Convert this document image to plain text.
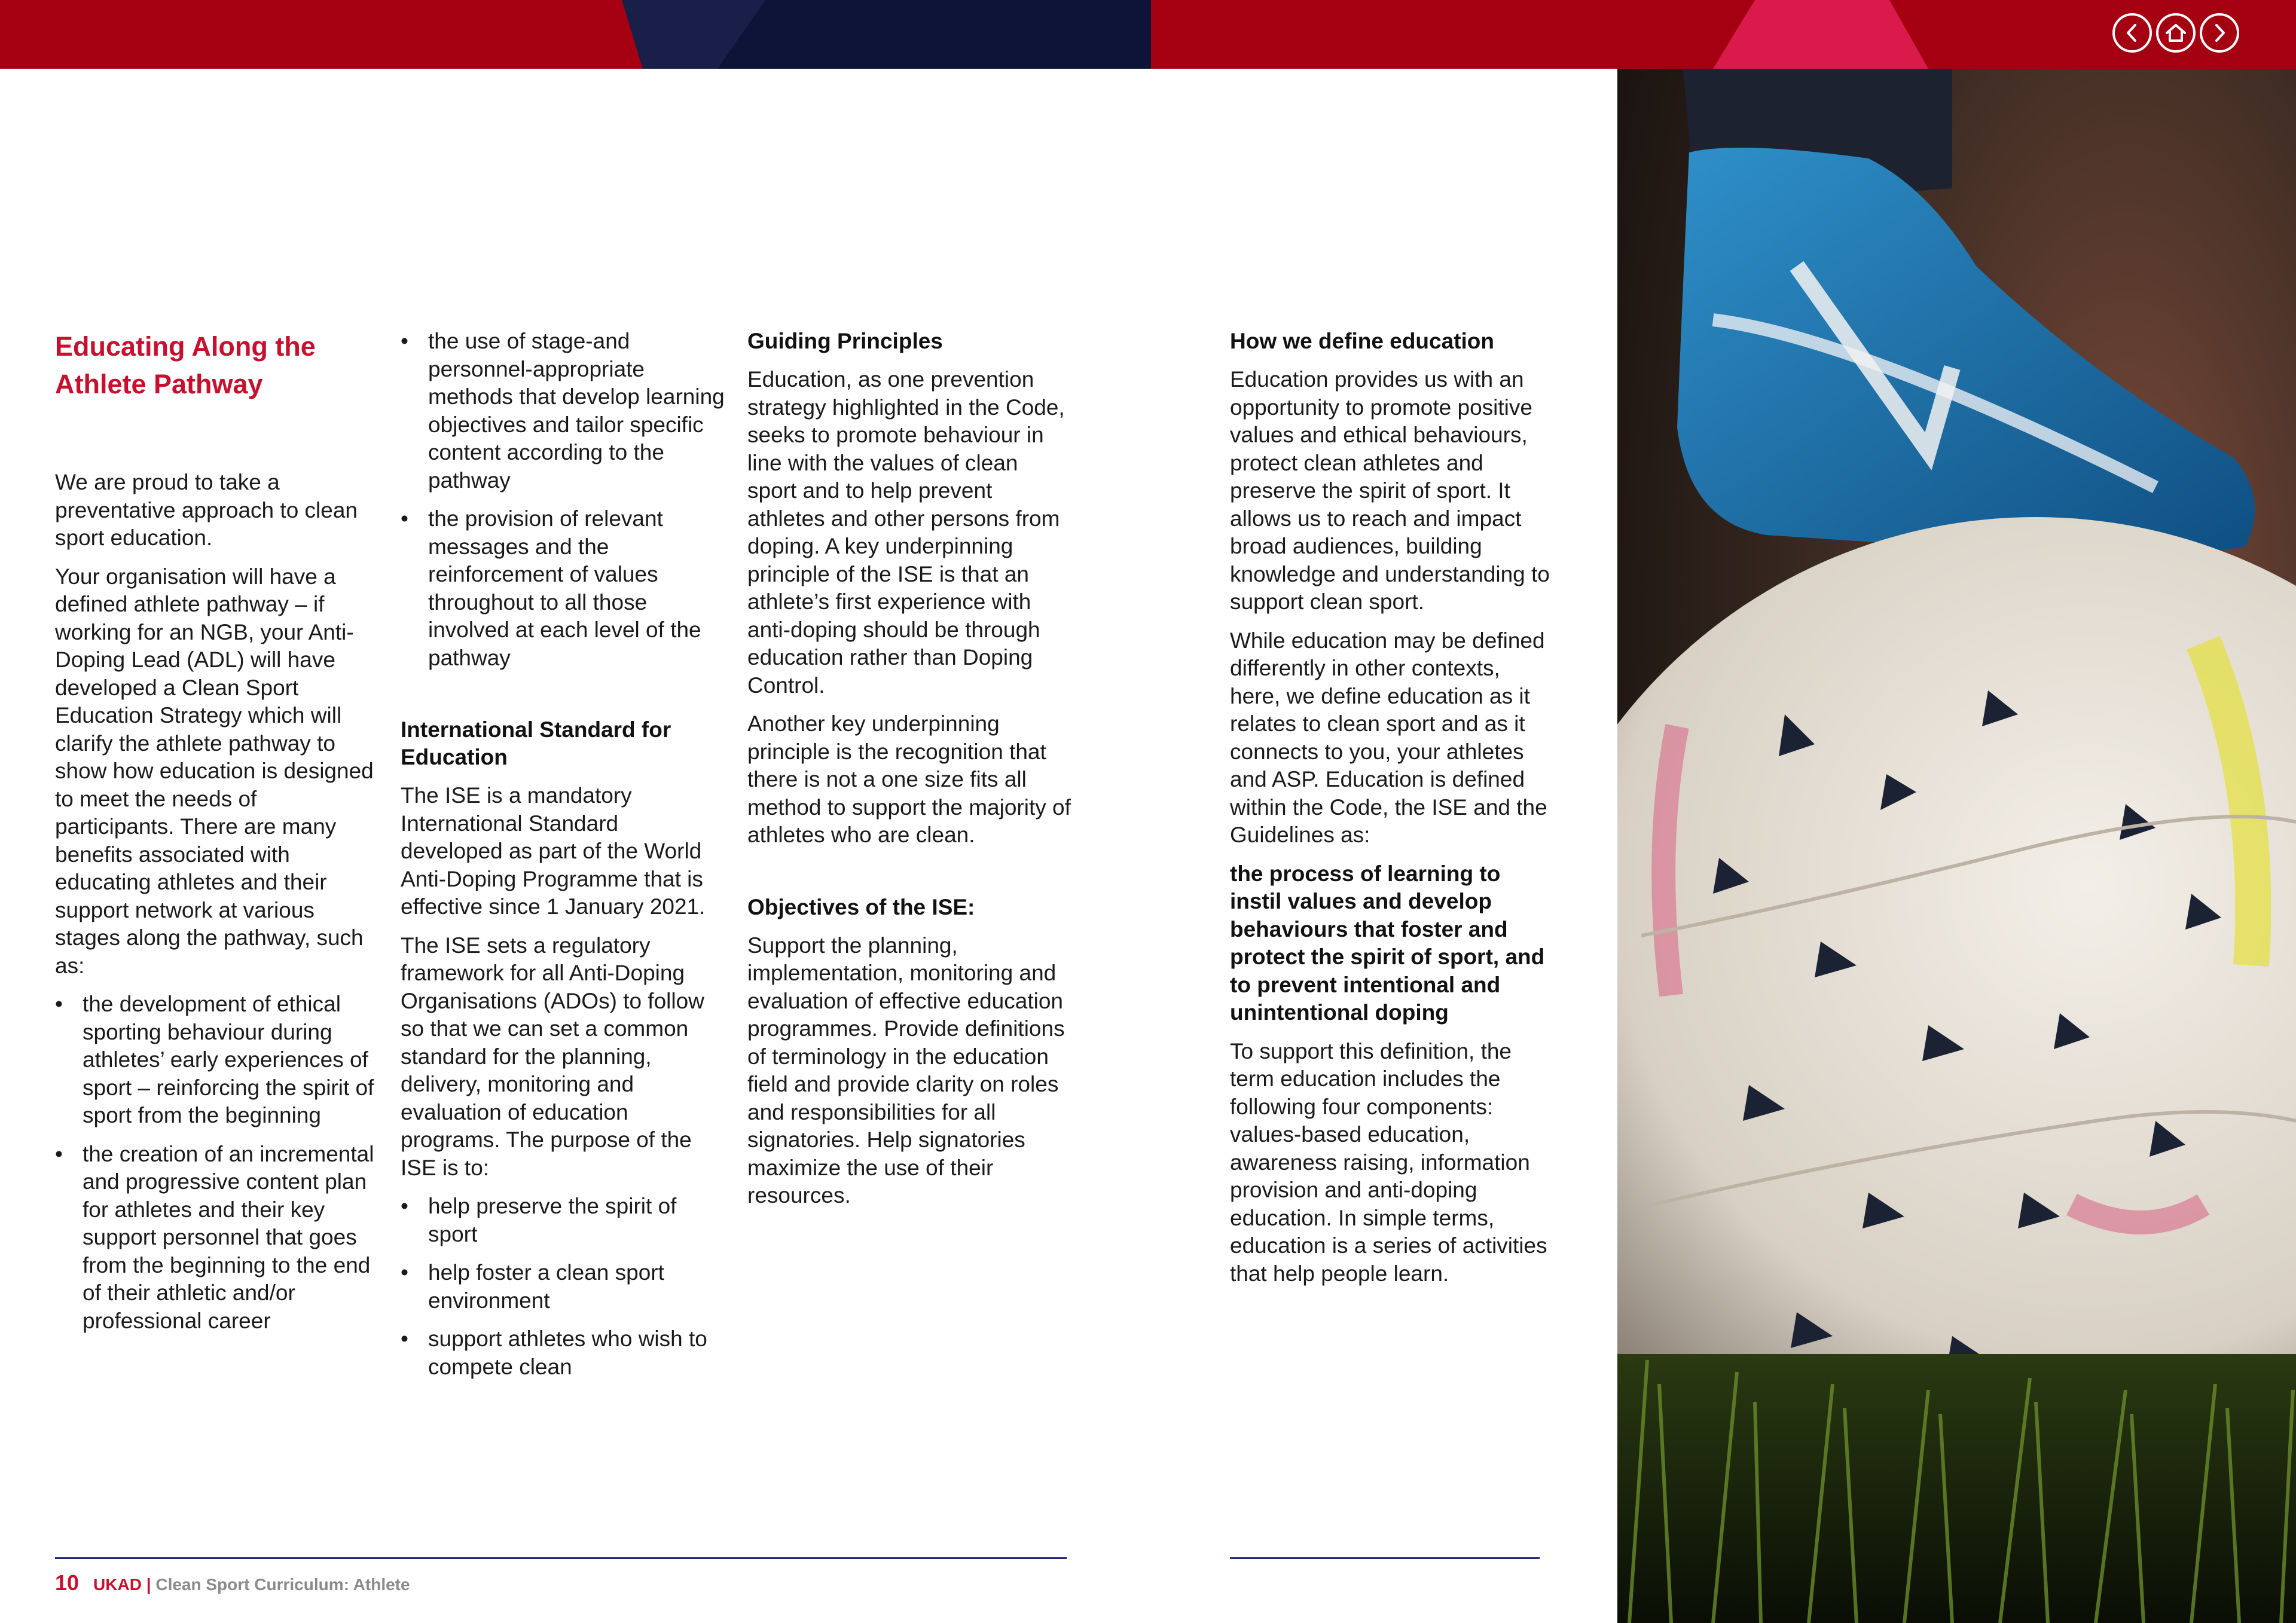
Educating Along the Athlete Pathway

We are proud to take a preventative approach to clean sport education.

Your organisation will have a defined athlete pathway – if working for an NGB, your Anti-Doping Lead (ADL) will have developed a Clean Sport Education Strategy which will clarify the athlete pathway to show how education is designed to meet the needs of participants. There are many benefits associated with educating athletes and their support network at various stages along the pathway, such as:

• the development of ethical sporting behaviour during athletes’ early experiences of sport – reinforcing the spirit of sport from the beginning
• the creation of an incremental and progressive content plan for athletes and their key support personnel that goes from the beginning to the end of their athletic and/or professional career
• the use of stage-and personnel-appropriate methods that develop learning objectives and tailor specific content according to the pathway
• the provision of relevant messages and the reinforcement of values throughout to all those involved at each level of the pathway

International Standard for Education

The ISE is a mandatory International Standard developed as part of the World Anti-Doping Programme that is effective since 1 January 2021.

The ISE sets a regulatory framework for all Anti-Doping Organisations (ADOs) to follow so that we can set a common standard for the planning, delivery, monitoring and evaluation of education programs. The purpose of the ISE is to:

• help preserve the spirit of sport
• help foster a clean sport environment
• support athletes who wish to compete clean

Guiding Principles

Education, as one prevention strategy highlighted in the Code, seeks to promote behaviour in line with the values of clean sport and to help prevent athletes and other persons from doping. A key underpinning principle of the ISE is that an athlete’s first experience with anti-doping should be through education rather than Doping Control.

Another key underpinning principle is the recognition that there is not a one size fits all method to support the majority of athletes who are clean.

Objectives of the ISE:

Support the planning, implementation, monitoring and evaluation of effective education programmes. Provide definitions of terminology in the education field and provide clarity on roles and responsibilities for all signatories. Help signatories maximize the use of their resources.

How we define education

Education provides us with an opportunity to promote positive values and ethical behaviours, protect clean athletes and preserve the spirit of sport. It allows us to reach and impact broad audiences, building knowledge and understanding to support clean sport.

While education may be defined differently in other contexts, here, we define education as it relates to clean sport and as it connects to you, your athletes and ASP. Education is defined within the Code, the ISE and the Guidelines as:

the process of learning to instil values and develop behaviours that foster and protect the spirit of sport, and to prevent intentional and unintentional doping

To support this definition, the term education includes the following four components: values-based education, awareness raising, information provision and anti-doping education. In simple terms, education is a series of activities that help people learn.

10 UKAD | Clean Sport Curriculum: Athlete
